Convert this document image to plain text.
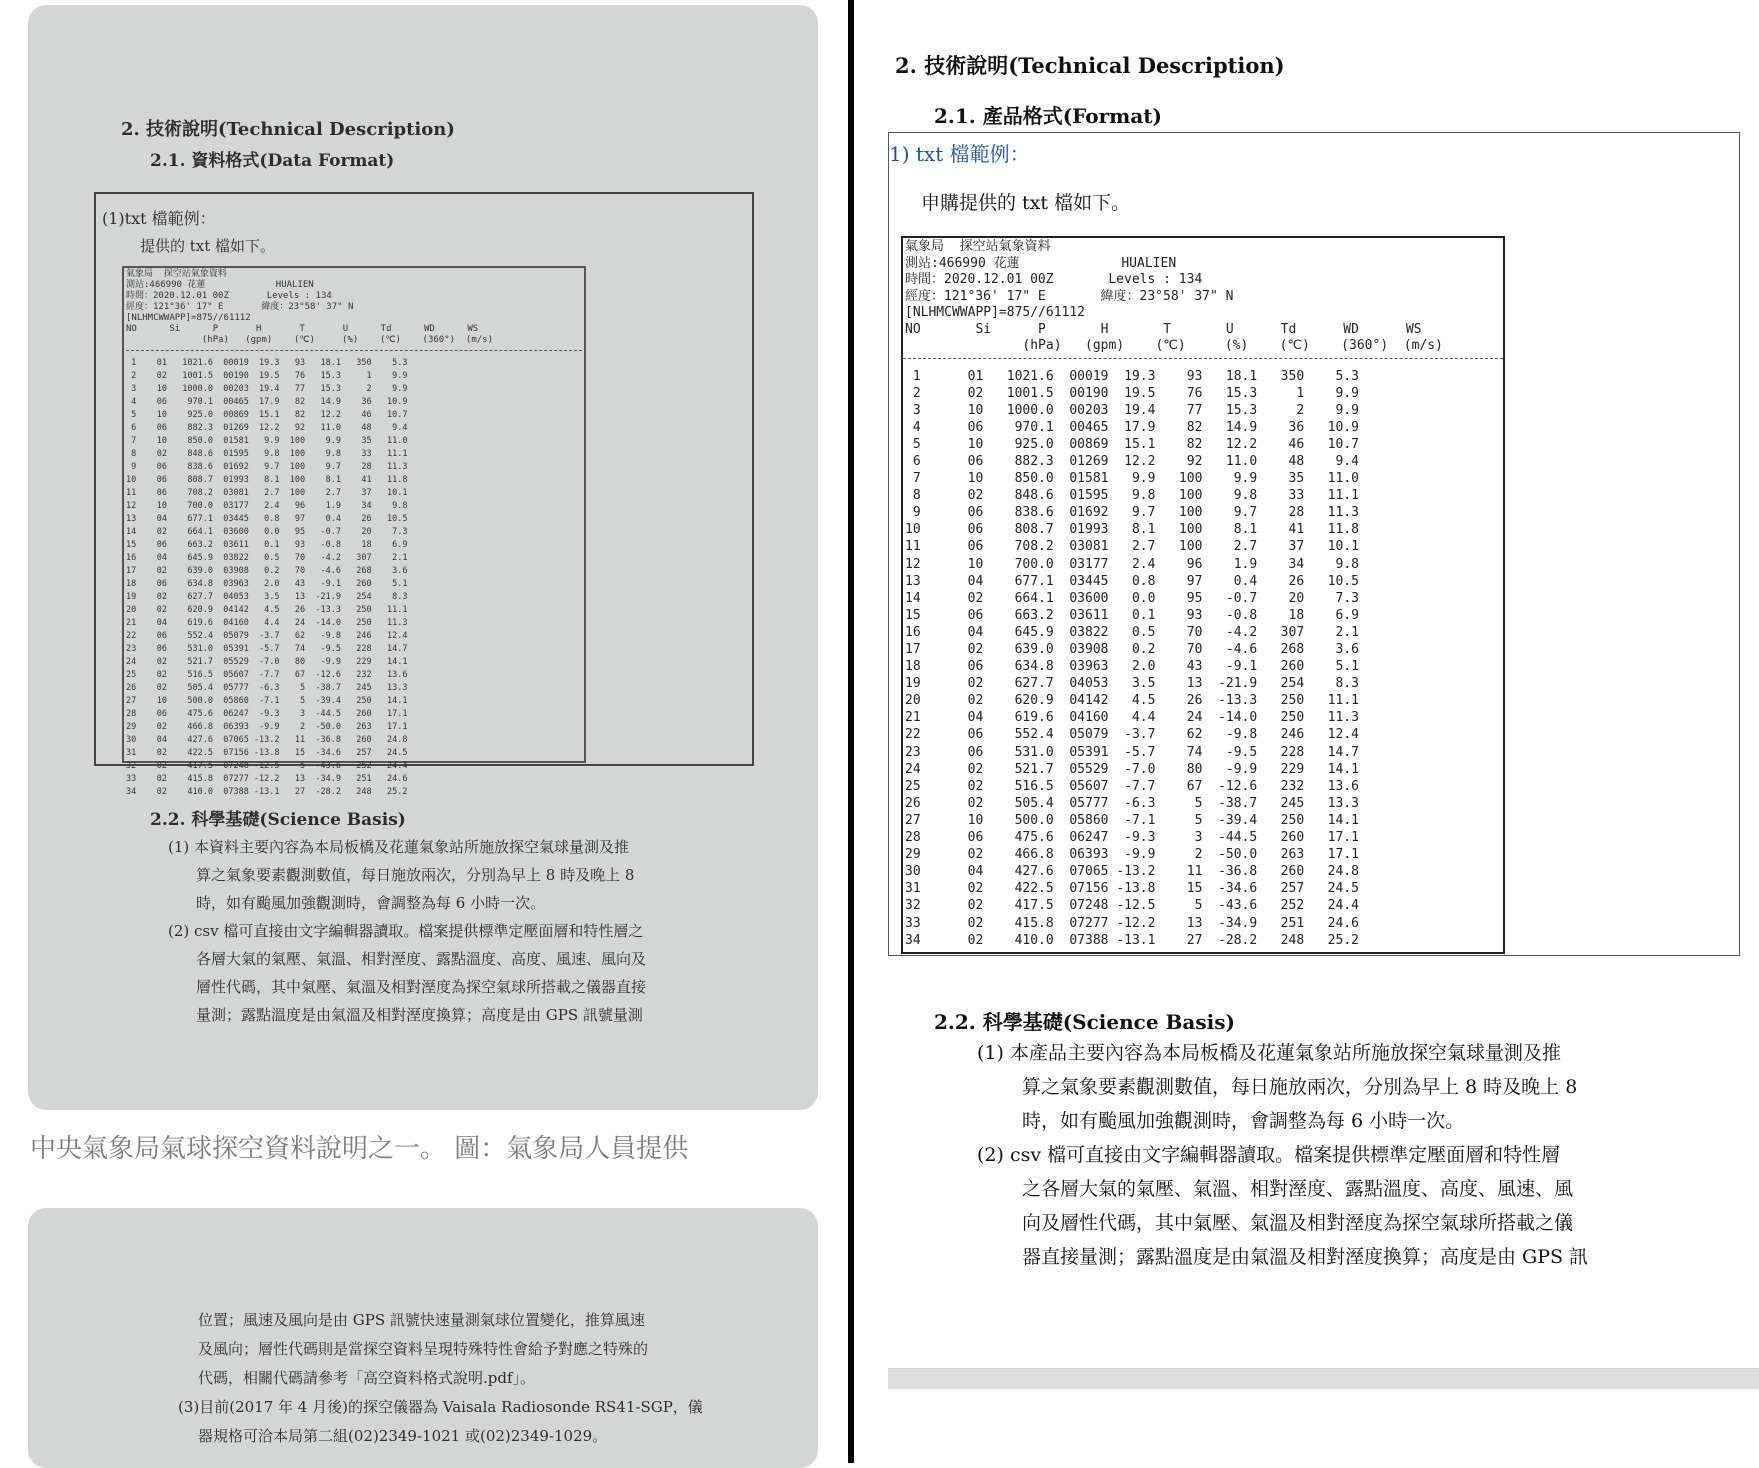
2. 技術說明(Technical Description)
2.1. 資料格式(Data Format)
(1)txt 檔範例：
提供的 txt 檔如下。
氣象局  探空站氣象資料
測站:466990 花蓮             HUALIEN
時間：2020.12.01 00Z       Levels : 134
經度：121°36' 17" E       緯度：23°58' 37" N
[NLHMCWWAPP]=875//61112
NO      Si      P       H       T       U      Td      WD      WS
(hPa)   (gpm)    (℃)     (%)    (℃)    (360°)  (m/s)
1    01   1021.6  00019  19.3   93   18.1   350    5.3
2    02   1001.5  00190  19.5   76   15.3     1    9.9
3    10   1000.0  00203  19.4   77   15.3     2    9.9
4    06    970.1  00465  17.9   82   14.9    36   10.9
5    10    925.0  00869  15.1   82   12.2    46   10.7
6    06    882.3  01269  12.2   92   11.0    48    9.4
7    10    850.0  01581   9.9  100    9.9    35   11.0
8    02    848.6  01595   9.8  100    9.8    33   11.1
9    06    838.6  01692   9.7  100    9.7    28   11.3
10    06    808.7  01993   8.1  100    8.1    41   11.8
11    06    708.2  03081   2.7  100    2.7    37   10.1
12    10    700.0  03177   2.4   96    1.9    34    9.8
13    04    677.1  03445   0.8   97    0.4    26   10.5
14    02    664.1  03600   0.0   95   -0.7    20    7.3
15    06    663.2  03611   0.1   93   -0.8    18    6.9
16    04    645.9  03822   0.5   70   -4.2   307    2.1
17    02    639.0  03908   0.2   70   -4.6   268    3.6
18    06    634.8  03963   2.0   43   -9.1   260    5.1
19    02    627.7  04053   3.5   13  -21.9   254    8.3
20    02    620.9  04142   4.5   26  -13.3   250   11.1
21    04    619.6  04160   4.4   24  -14.0   250   11.3
22    06    552.4  05079  -3.7   62   -9.8   246   12.4
23    06    531.0  05391  -5.7   74   -9.5   228   14.7
24    02    521.7  05529  -7.0   80   -9.9   229   14.1
25    02    516.5  05607  -7.7   67  -12.6   232   13.6
26    02    505.4  05777  -6.3    5  -38.7   245   13.3
27    10    500.0  05860  -7.1    5  -39.4   250   14.1
28    06    475.6  06247  -9.3    3  -44.5   260   17.1
29    02    466.8  06393  -9.9    2  -50.0   263   17.1
30    04    427.6  07065 -13.2   11  -36.8   260   24.8
31    02    422.5  07156 -13.8   15  -34.6   257   24.5
32    02    417.5  07248 -12.5    5  -43.6   252   24.4
33    02    415.8  07277 -12.2   13  -34.9   251   24.6
34    02    410.0  07388 -13.1   27  -28.2   248   25.2
2.2. 科學基礎(Science Basis)
(1) 本資料主要內容為本局板橋及花蓮氣象站所施放探空氣球量測及推
算之氣象要素觀測數值，每日施放兩次，分別為早上 8 時及晚上 8
時，如有颱風加強觀測時，會調整為每 6 小時一次。
(2) csv 檔可直接由文字編輯器讀取。檔案提供標準定壓面層和特性層之
各層大氣的氣壓、氣溫、相對溼度、露點溫度、高度、風速、風向及
層性代碼，其中氣壓、氣溫及相對溼度為探空氣球所搭載之儀器直接
量測；露點溫度是由氣溫及相對溼度換算；高度是由 GPS 訊號量測
中央氣象局氣球探空資料說明之一。 圖：氣象局人員提供
位置；風速及風向是由 GPS 訊號快速量測氣球位置變化，推算風速
及風向；層性代碼則是當探空資料呈現特殊特性會給予對應之特殊的
代碼，相關代碼請參考「高空資料格式說明.pdf」。
(3)目前(2017 年 4 月後)的探空儀器為 Vaisala Radiosonde RS41-SGP，儀
器規格可洽本局第二組(02)2349-1021 或(02)2349-1029。
2. 技術說明(Technical Description)
2.1. 產品格式(Format)
1) txt 檔範例：
申購提供的 txt 檔如下。
氣象局  探空站氣象資料
測站:466990 花蓮             HUALIEN
時間：2020.12.01 00Z       Levels : 134
經度：121°36' 17" E       緯度：23°58' 37" N
[NLHMCWWAPP]=875//61112
NO       Si      P       H       T       U      Td      WD      WS
(hPa)   (gpm)    (℃)     (%)    (℃)    (360°)  (m/s)
1      01   1021.6  00019  19.3    93   18.1   350    5.3
2      02   1001.5  00190  19.5    76   15.3     1    9.9
3      10   1000.0  00203  19.4    77   15.3     2    9.9
4      06    970.1  00465  17.9    82   14.9    36   10.9
5      10    925.0  00869  15.1    82   12.2    46   10.7
6      06    882.3  01269  12.2    92   11.0    48    9.4
7      10    850.0  01581   9.9   100    9.9    35   11.0
8      02    848.6  01595   9.8   100    9.8    33   11.1
9      06    838.6  01692   9.7   100    9.7    28   11.3
10      06    808.7  01993   8.1   100    8.1    41   11.8
11      06    708.2  03081   2.7   100    2.7    37   10.1
12      10    700.0  03177   2.4    96    1.9    34    9.8
13      04    677.1  03445   0.8    97    0.4    26   10.5
14      02    664.1  03600   0.0    95   -0.7    20    7.3
15      06    663.2  03611   0.1    93   -0.8    18    6.9
16      04    645.9  03822   0.5    70   -4.2   307    2.1
17      02    639.0  03908   0.2    70   -4.6   268    3.6
18      06    634.8  03963   2.0    43   -9.1   260    5.1
19      02    627.7  04053   3.5    13  -21.9   254    8.3
20      02    620.9  04142   4.5    26  -13.3   250   11.1
21      04    619.6  04160   4.4    24  -14.0   250   11.3
22      06    552.4  05079  -3.7    62   -9.8   246   12.4
23      06    531.0  05391  -5.7    74   -9.5   228   14.7
24      02    521.7  05529  -7.0    80   -9.9   229   14.1
25      02    516.5  05607  -7.7    67  -12.6   232   13.6
26      02    505.4  05777  -6.3     5  -38.7   245   13.3
27      10    500.0  05860  -7.1     5  -39.4   250   14.1
28      06    475.6  06247  -9.3     3  -44.5   260   17.1
29      02    466.8  06393  -9.9     2  -50.0   263   17.1
30      04    427.6  07065 -13.2    11  -36.8   260   24.8
31      02    422.5  07156 -13.8    15  -34.6   257   24.5
32      02    417.5  07248 -12.5     5  -43.6   252   24.4
33      02    415.8  07277 -12.2    13  -34.9   251   24.6
34      02    410.0  07388 -13.1    27  -28.2   248   25.2
2.2. 科學基礎(Science Basis)
(1) 本產品主要內容為本局板橋及花蓮氣象站所施放探空氣球量測及推
算之氣象要素觀測數值，每日施放兩次，分別為早上 8 時及晚上 8
時，如有颱風加強觀測時，會調整為每 6 小時一次。
(2) csv 檔可直接由文字編輯器讀取。檔案提供標準定壓面層和特性層
之各層大氣的氣壓、氣溫、相對溼度、露點溫度、高度、風速、風
向及層性代碼，其中氣壓、氣溫及相對溼度為探空氣球所搭載之儀
器直接量測；露點溫度是由氣溫及相對溼度換算；高度是由 GPS 訊
